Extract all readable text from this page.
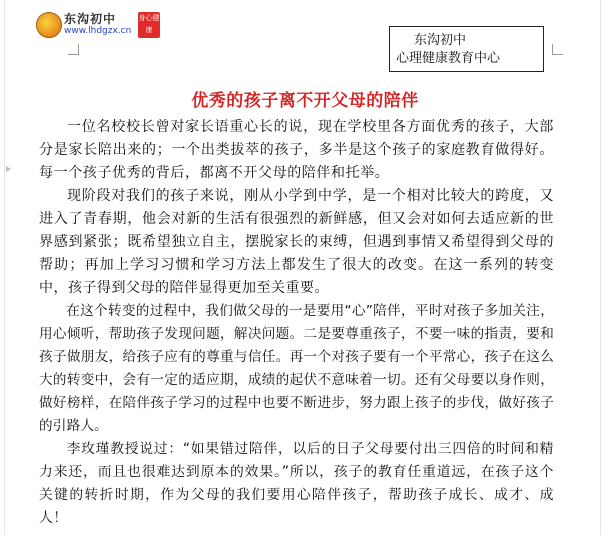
东沟初中
www.lhdgzx.cn
身心健康
东沟初中
心理健康教育中心
优秀的孩子离不开父母的陪伴

一位名校校长曾对家长语重心长的说，现在学校里各方面优秀的孩子，大部分是家长陪出来的；一个出类拔萃的孩子，多半是这个孩子的家庭教育做得好。每一个孩子优秀的背后，都离不开父母的陪伴和托举。

现阶段对我们的孩子来说，刚从小学到中学，是一个相对比较大的跨度，又进入了青春期，他会对新的生活有很强烈的新鲜感，但又会对如何去适应新的世界感到紧张；既希望独立自主，摆脱家长的束缚，但遇到事情又希望得到父母的帮助；再加上学习习惯和学习方法上都发生了很大的改变。在这一系列的转变中，孩子得到父母的陪伴显得更加至关重要。

在这个转变的过程中，我们做父母的一是要用“心”陪伴，平时对孩子多加关注，用心倾听，帮助孩子发现问题，解决问题。二是要尊重孩子，不要一味的指责，要和孩子做朋友，给孩子应有的尊重与信任。再一个对孩子要有一个平常心，孩子在这么大的转变中，会有一定的适应期，成绩的起伏不意味着一切。还有父母要以身作则，做好榜样，在陪伴孩子学习的过程中也要不断进步，努力跟上孩子的步伐，做好孩子的引路人。

李玫瑾教授说过：“如果错过陪伴，以后的日子父母要付出三四倍的时间和精力来还，而且也很难达到原本的效果。”所以，孩子的教育任重道远，在孩子这个关键的转折时期，作为父母的我们要用心陪伴孩子，帮助孩子成长、成才、成人！
